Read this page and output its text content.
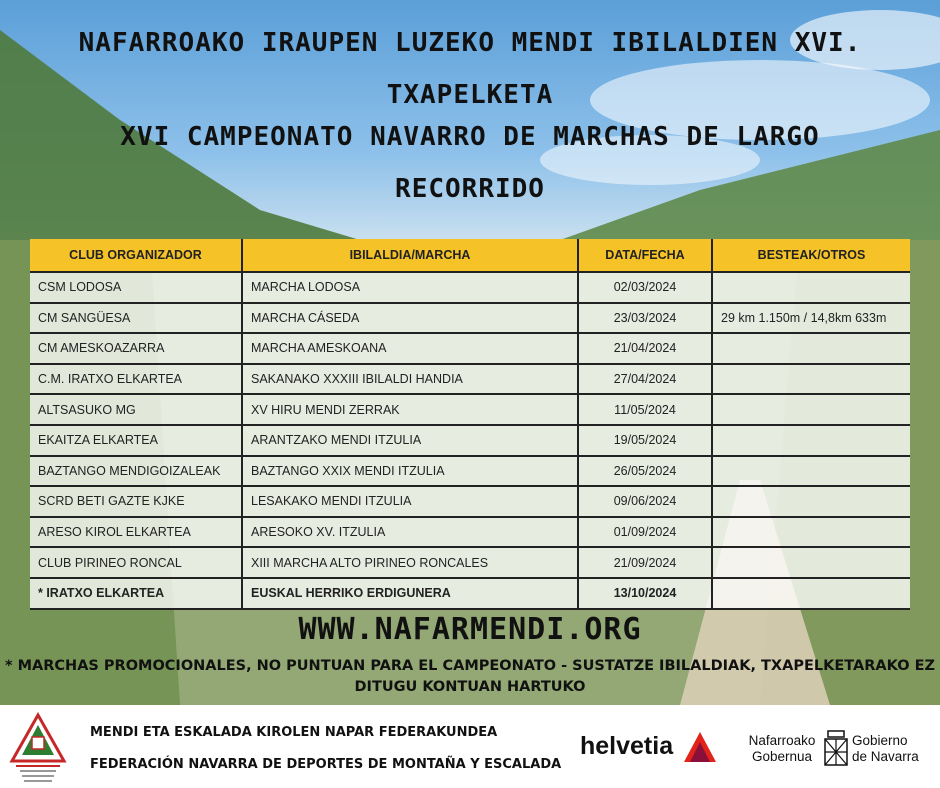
NAFARROAKO IRAUPEN LUZEKO MENDI IBILALDIEN XVI.
TXAPELKETA
XVI CAMPEONATO NAVARRO DE MARCHAS DE LARGO
RECORRIDO
CLUB ORGANIZADOR	IBILALDIA/MARCHA	DATA/FECHA	BESTEAK/OTROS
CSM LODOSA	MARCHA LODOSA	02/03/2024	
CM SANGÜESA	MARCHA CÁSEDA	23/03/2024	29 km 1.150m / 14,8km 633m
CM AMESKOAZARRA	MARCHA AMESKOANA	21/04/2024	
C.M. IRATXO ELKARTEA	SAKANAKO XXXIII IBILALDI HANDIA	27/04/2024	
ALTSASUKO MG	XV HIRU MENDI ZERRAK	11/05/2024	
EKAITZA ELKARTEA	ARANTZAKO MENDI ITZULIA	19/05/2024	
BAZTANGO MENDIGOIZALEAK	BAZTANGO XXIX MENDI ITZULIA	26/05/2024	
SCRD BETI GAZTE KJKE	LESAKAKO MENDI ITZULIA	09/06/2024	
ARESO KIROL ELKARTEA	ARESOKO XV. ITZULIA	01/09/2024	
CLUB PIRINEO RONCAL	XIII MARCHA ALTO PIRINEO RONCALES	21/09/2024	
* IRATXO ELKARTEA	EUSKAL HERRIKO ERDIGUNERA	13/10/2024	
WWW.NAFARMENDI.ORG
* MARCHAS PROMOCIONALES, NO PUNTUAN PARA EL CAMPEONATO - SUSTATZE IBILALDIAK, TXAPELKETARAKO EZ DITUGU KONTUAN HARTUKO
MENDI ETA ESKALADA KIROLEN NAPAR FEDERAKUNDEA
FEDERACIÓN NAVARRA DE DEPORTES DE MONTAÑA Y ESCALADA
helvetia	Nafarroako
Gobernua
Gobierno
de Navarra
